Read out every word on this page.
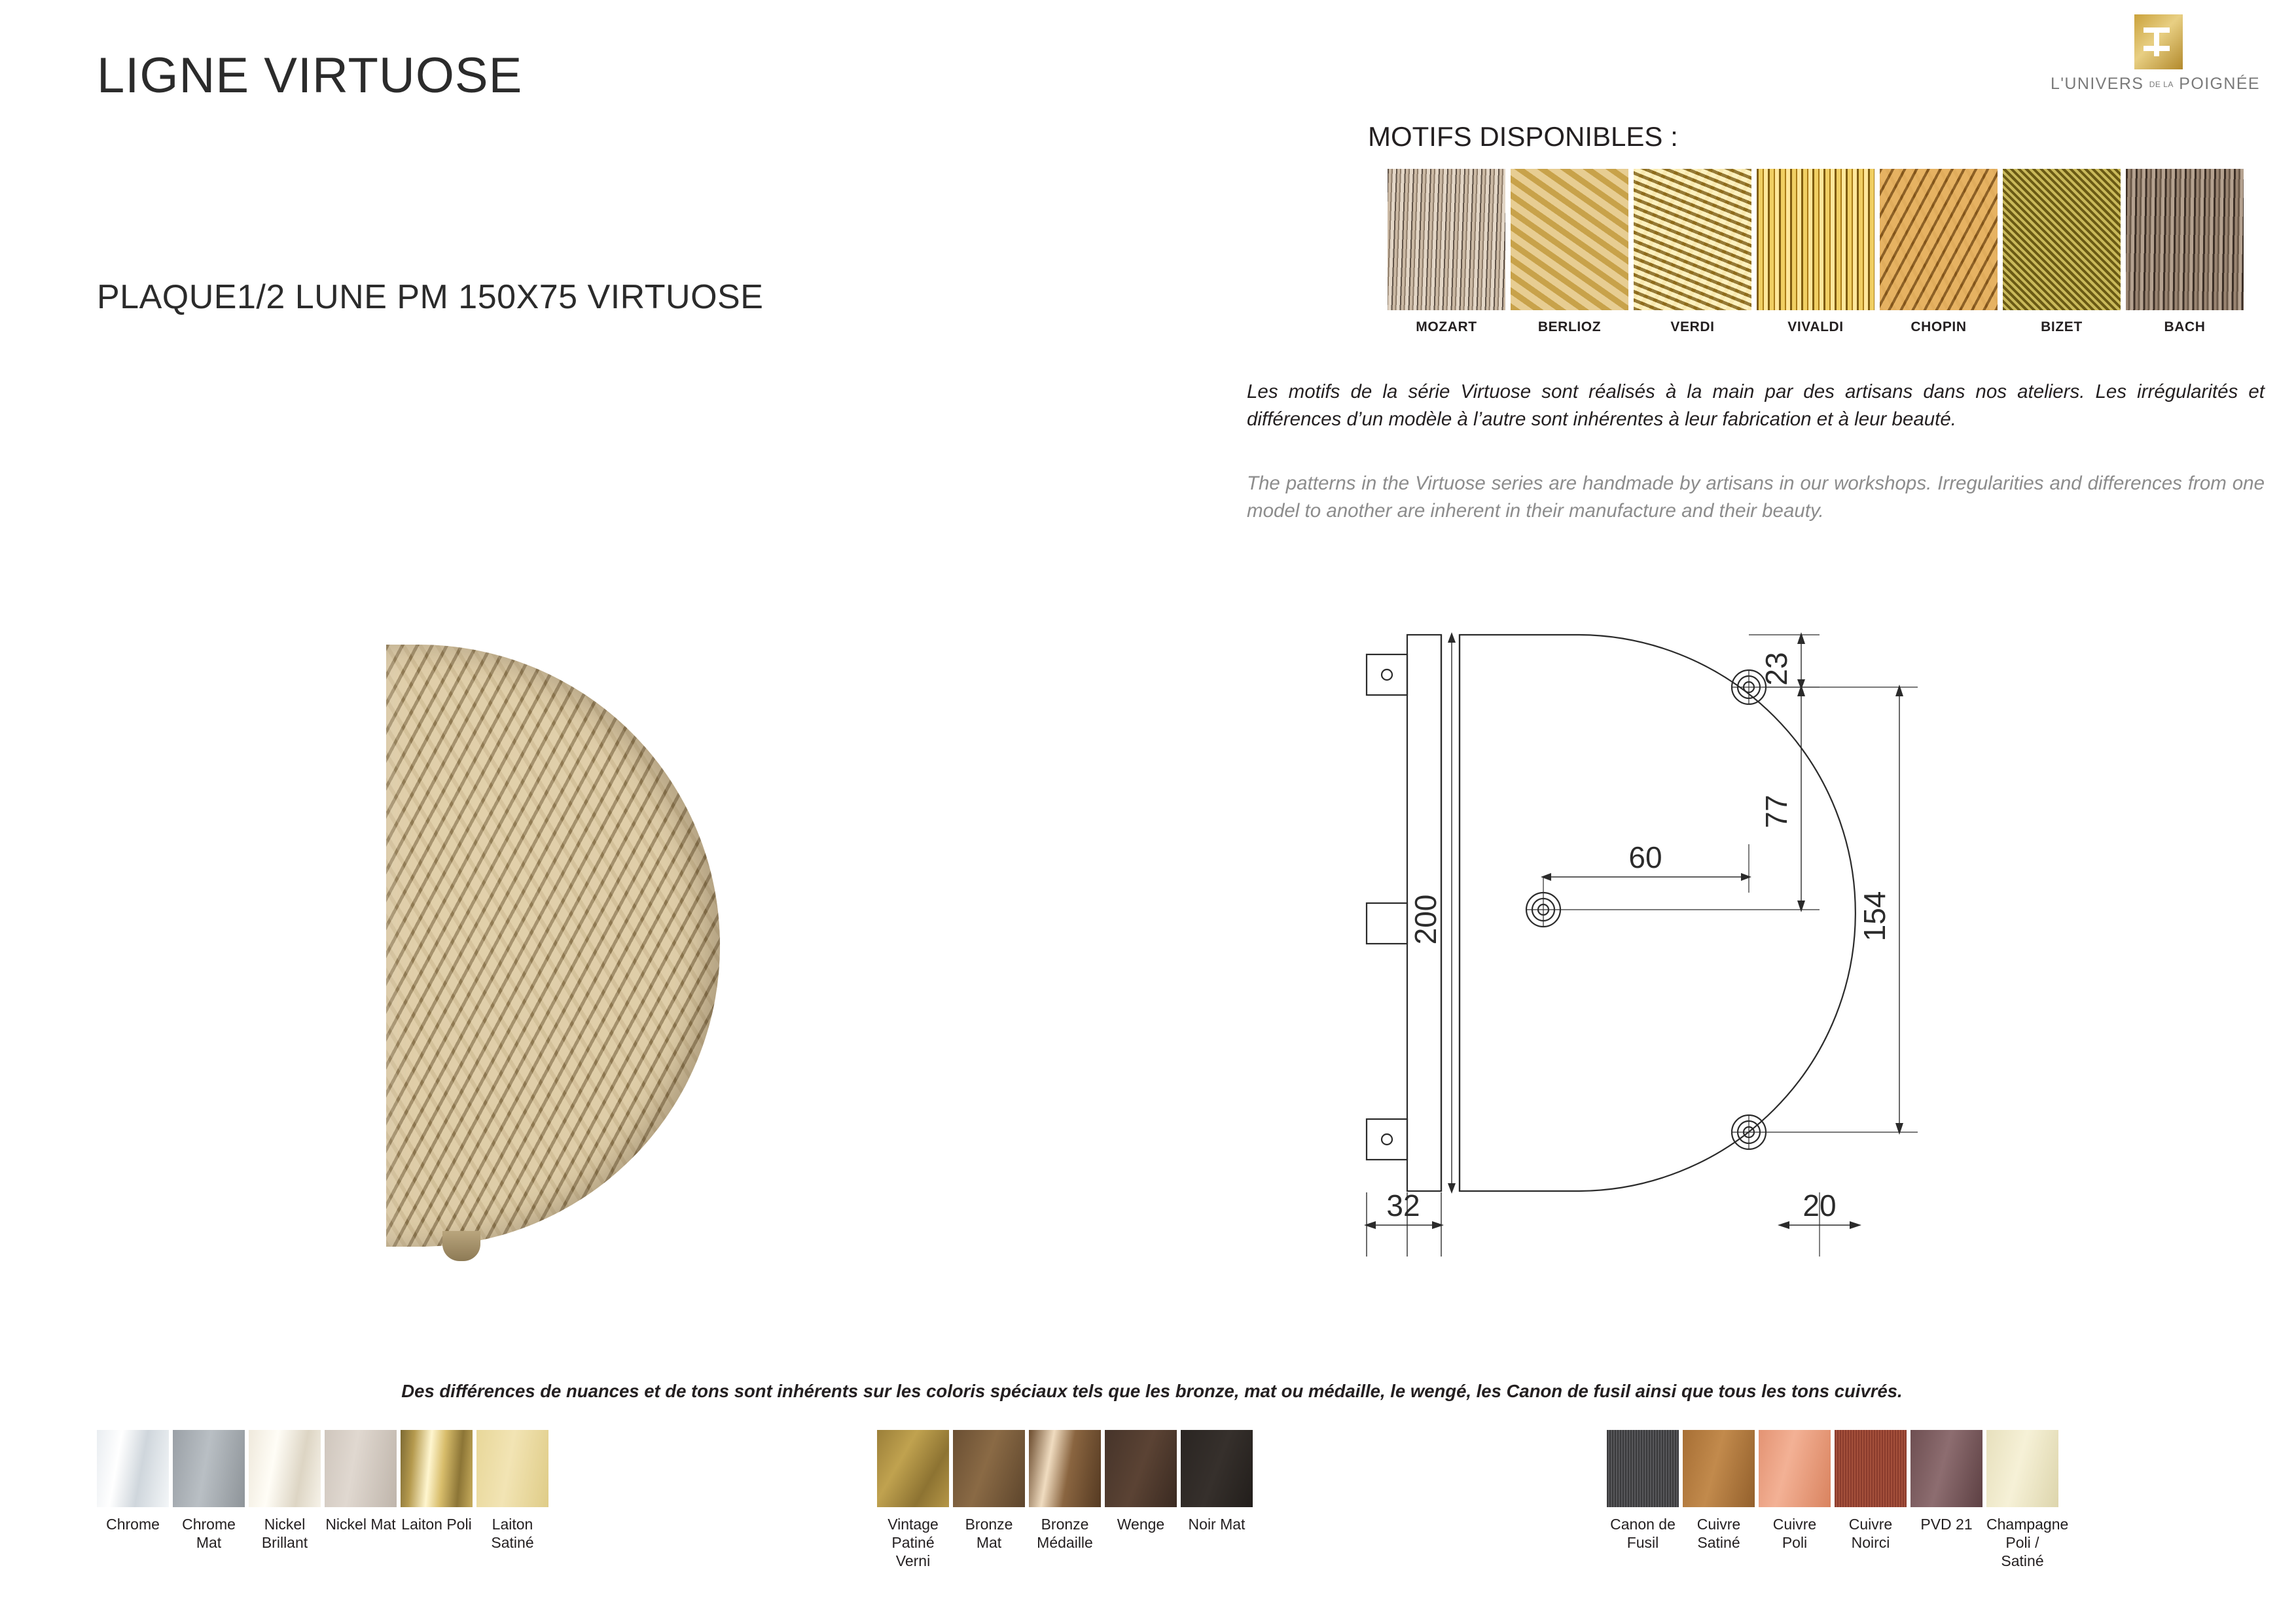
LIGNE VIRTUOSE
PLAQUE1/2 LUNE PM 150X75 VIRTUOSE
L'UNIVERS DE LA POIGNÉE
MOTIFS DISPONIBLES :
MOZART	BERLIOZ	VERDI	VIVALDI	CHOPIN	BIZET	BACH
Les motifs de la série Virtuose sont réalisés à la main par des artisans dans nos ateliers. Les irrégularités et différences d’un modèle à l’autre sont inhérentes à leur fabrication et à leur beauté.
The patterns in the Virtuose series are handmade by artisans in our workshops. Irregularities and differences from one model to another are inherent in their manufacture and their beauty.
200
23
77
154
60
32	20
Des différences de nuances et de tons sont inhérents sur les coloris spéciaux tels que les bronze, mat ou médaille, le wengé, les Canon de fusil ainsi que tous les tons cuivrés.
Chrome	Chrome Mat
Nickel Brillant
Nickel Mat Laiton Poli	Laiton Satiné
Vintage Patiné Verni
Bronze Mat
Bronze Médaille
Wenge	Noir Mat	Canon de Fusil
Cuivre Satiné
Cuivre Poli
Cuivre Noirci
PVD 21 Champagne Poli / Satiné
